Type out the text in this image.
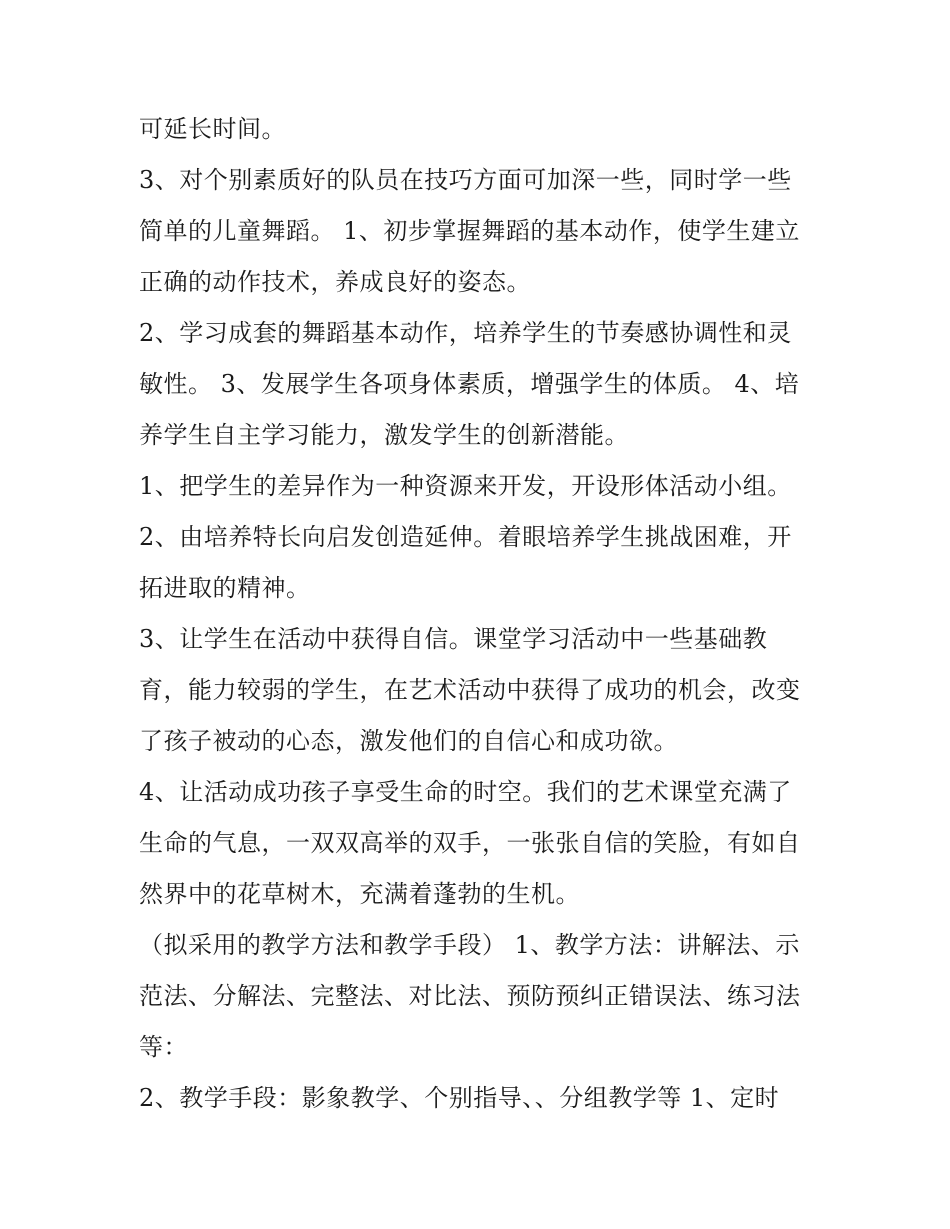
可延长时间。
3、对个别素质好的队员在技巧方面可加深一些，同时学一些
简单的儿童舞蹈。 1、初步掌握舞蹈的基本动作，使学生建立
正确的动作技术，养成良好的姿态。
2、学习成套的舞蹈基本动作，培养学生的节奏感协调性和灵
敏性。 3、发展学生各项身体素质，增强学生的体质。 4、培
养学生自主学习能力，激发学生的创新潜能。
1、把学生的差异作为一种资源来开发，开设形体活动小组。
2、由培养特长向启发创造延伸。着眼培养学生挑战困难，开
拓进取的精神。
3、让学生在活动中获得自信。课堂学习活动中一些基础教
育，能力较弱的学生，在艺术活动中获得了成功的机会，改变
了孩子被动的心态，激发他们的自信心和成功欲。
4、让活动成功孩子享受生命的时空。我们的艺术课堂充满了
生命的气息，一双双高举的双手，一张张自信的笑脸，有如自
然界中的花草树木，充满着蓬勃的生机。
（拟采用的教学方法和教学手段） 1、教学方法：讲解法、示
范法、分解法、完整法、对比法、预防预纠正错误法、练习法
等：
2、教学手段：影象教学、个别指导、、分组教学等 1、定时
